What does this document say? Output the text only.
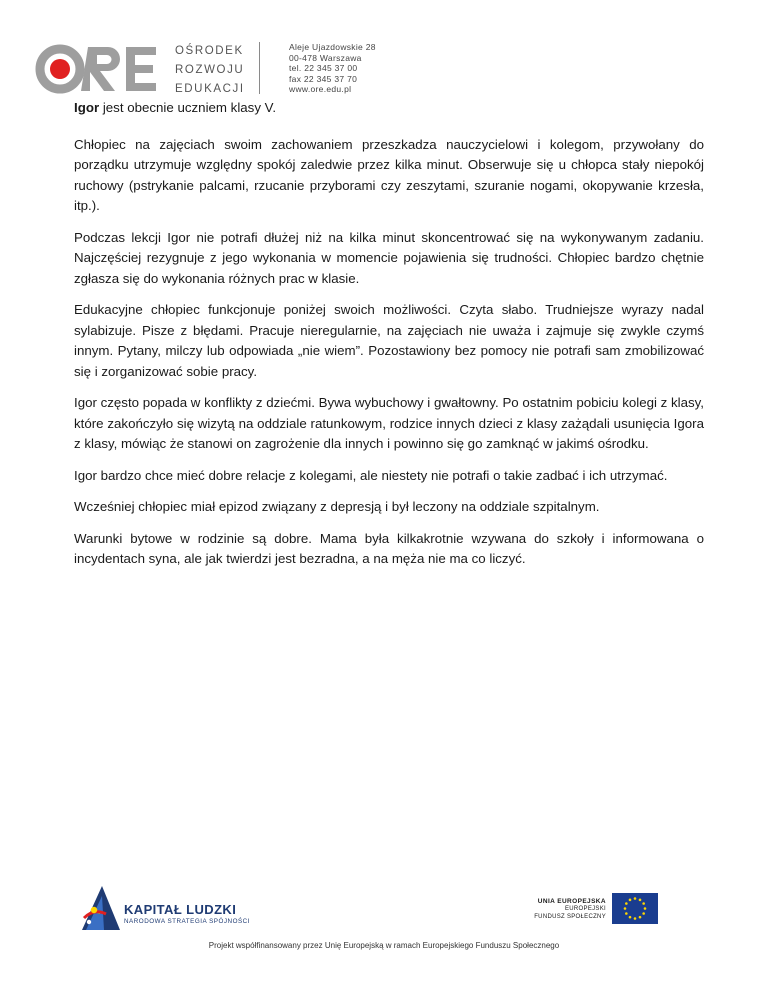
OŚRODEK
ROZWOJU
EDUKACJI
Aleje Ujazdowskie 28
00-478 Warszawa
tel. 22 345 37 00
fax 22 345 37 70
www.ore.edu.pl

Igor jest obecnie uczniem klasy V.

Chłopiec na zajęciach swoim zachowaniem przeszkadza nauczycielowi i kolegom, przywołany do porządku utrzymuje względny spokój zaledwie przez kilka minut. Obserwuje się u chłopca stały niepokój ruchowy (pstrykanie palcami, rzucanie przyborami czy zeszytami, szuranie nogami, okopywanie krzesła, itp.).

Podczas lekcji Igor nie potrafi dłużej niż na kilka minut skoncentrować się na wykonywanym zadaniu. Najczęściej rezygnuje z jego wykonania w momencie pojawienia się trudności. Chłopiec bardzo chętnie zgłasza się do wykonania różnych prac w klasie.

Edukacyjne chłopiec funkcjonuje poniżej swoich możliwości. Czyta słabo. Trudniejsze wyrazy nadal sylabizuje. Pisze z błędami. Pracuje nieregularnie, na zajęciach nie uważa i zajmuje się zwykle czymś innym. Pytany, milczy lub odpowiada „nie wiem”. Pozostawiony bez pomocy nie potrafi sam zmobilizować się i zorganizować sobie pracy.

Igor często popada w konflikty z dziećmi. Bywa wybuchowy i gwałtowny. Po ostatnim pobiciu kolegi z klasy, które zakończyło się wizytą na oddziale ratunkowym, rodzice innych dzieci z klasy zażądali usunięcia Igora z klasy, mówiąc że stanowi on zagrożenie dla innych i powinno się go zamknąć w jakimś ośrodku.

Igor bardzo chce mieć dobre relacje z kolegami, ale niestety nie potrafi o takie zadbać i ich utrzymać.

Wcześniej chłopiec miał epizod związany z depresją i był leczony na oddziale szpitalnym.

Warunki bytowe w rodzinie są dobre. Mama była kilkakrotnie wzywana do szkoły i informowana o incydentach syna, ale jak twierdzi jest bezradna, a na męża nie ma co liczyć.

KAPITAŁ LUDZKI
NARODOWA STRATEGIA SPÓJNOŚCI
UNIA EUROPEJSKA
EUROPEJSKI
FUNDUSZ SPOŁECZNY
Projekt współfinansowany przez Unię Europejską w ramach Europejskiego Funduszu Społecznego
